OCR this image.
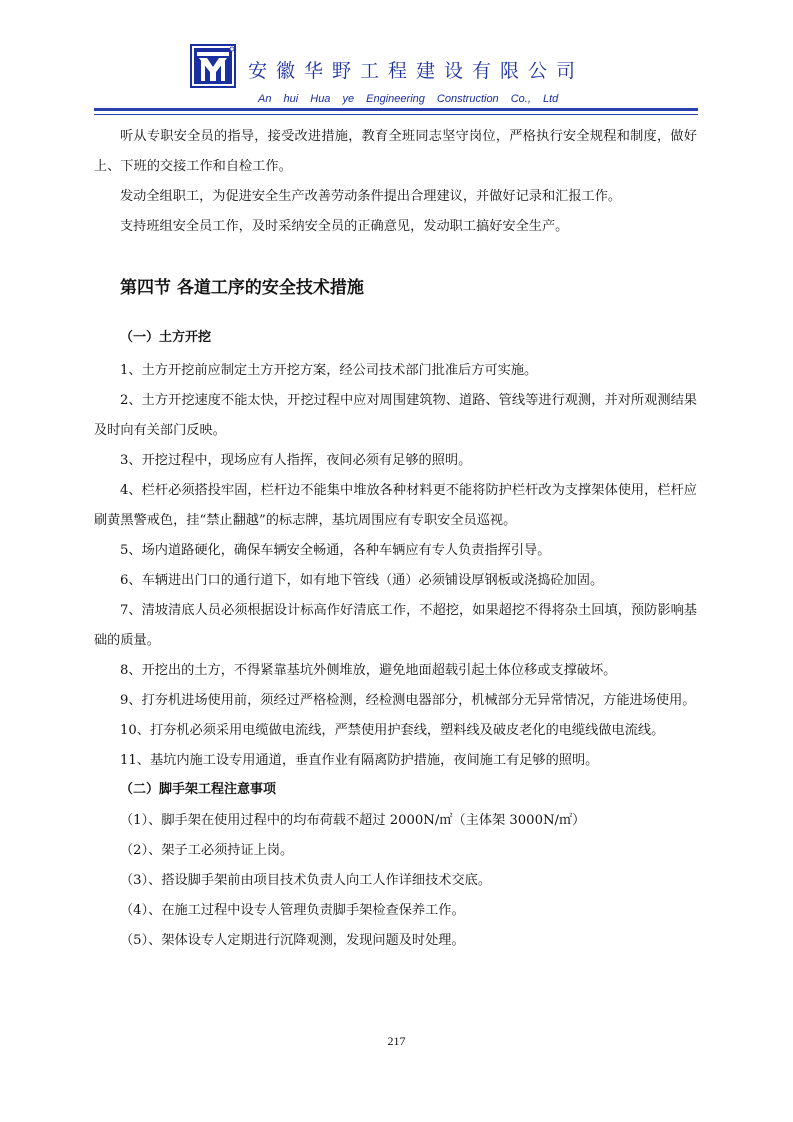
安徽华野工程建设有限公司
An hui Hua ye Engineering Construction Co., Ltd

听从专职安全员的指导，接受改进措施，教育全班同志坚守岗位，严格执行安全规程和制度，做好上、下班的交接工作和自检工作。

发动全组职工，为促进安全生产改善劳动条件提出合理建议，并做好记录和汇报工作。

支持班组安全员工作，及时采纳安全员的正确意见，发动职工搞好安全生产。

第四节 各道工序的安全技术措施
（一）土方开挖

1、土方开挖前应制定土方开挖方案，经公司技术部门批准后方可实施。

2、土方开挖速度不能太快，开挖过程中应对周围建筑物、道路、管线等进行观测，并对所观测结果及时向有关部门反映。

3、开挖过程中，现场应有人指挥，夜间必须有足够的照明。

4、栏杆必须搭投牢固，栏杆边不能集中堆放各种材料更不能将防护栏杆改为支撑架体使用，栏杆应刷黄黑警戒色，挂“禁止翻越”的标志牌，基坑周围应有专职安全员巡视。

5、场内道路硬化，确保车辆安全畅通，各种车辆应有专人负责指挥引导。

6、车辆进出门口的通行道下，如有地下管线（通）必须铺设厚钢板或浇捣砼加固。

7、清坡清底人员必须根据设计标高作好清底工作，不超挖，如果超挖不得将杂土回填，预防影响基础的质量。

8、开挖出的土方，不得紧靠基坑外侧堆放，避免地面超载引起土体位移或支撑破坏。

9、打夯机进场使用前，须经过严格检测，经检测电器部分，机械部分无异常情况，方能进场使用。

10、打夯机必须采用电缆做电流线，严禁使用护套线，塑料线及破皮老化的电缆线做电流线。

11、基坑内施工设专用通道，垂直作业有隔离防护措施，夜间施工有足够的照明。

（二）脚手架工程注意事项

（1）、脚手架在使用过程中的均布荷载不超过 2000N/㎡（主体架 3000N/㎡）

（2）、架子工必须持证上岗。

（3）、搭设脚手架前由项目技术负责人向工人作详细技术交底。

（4）、在施工过程中设专人管理负责脚手架检查保养工作。

（5）、架体设专人定期进行沉降观测，发现问题及时处理。

217
